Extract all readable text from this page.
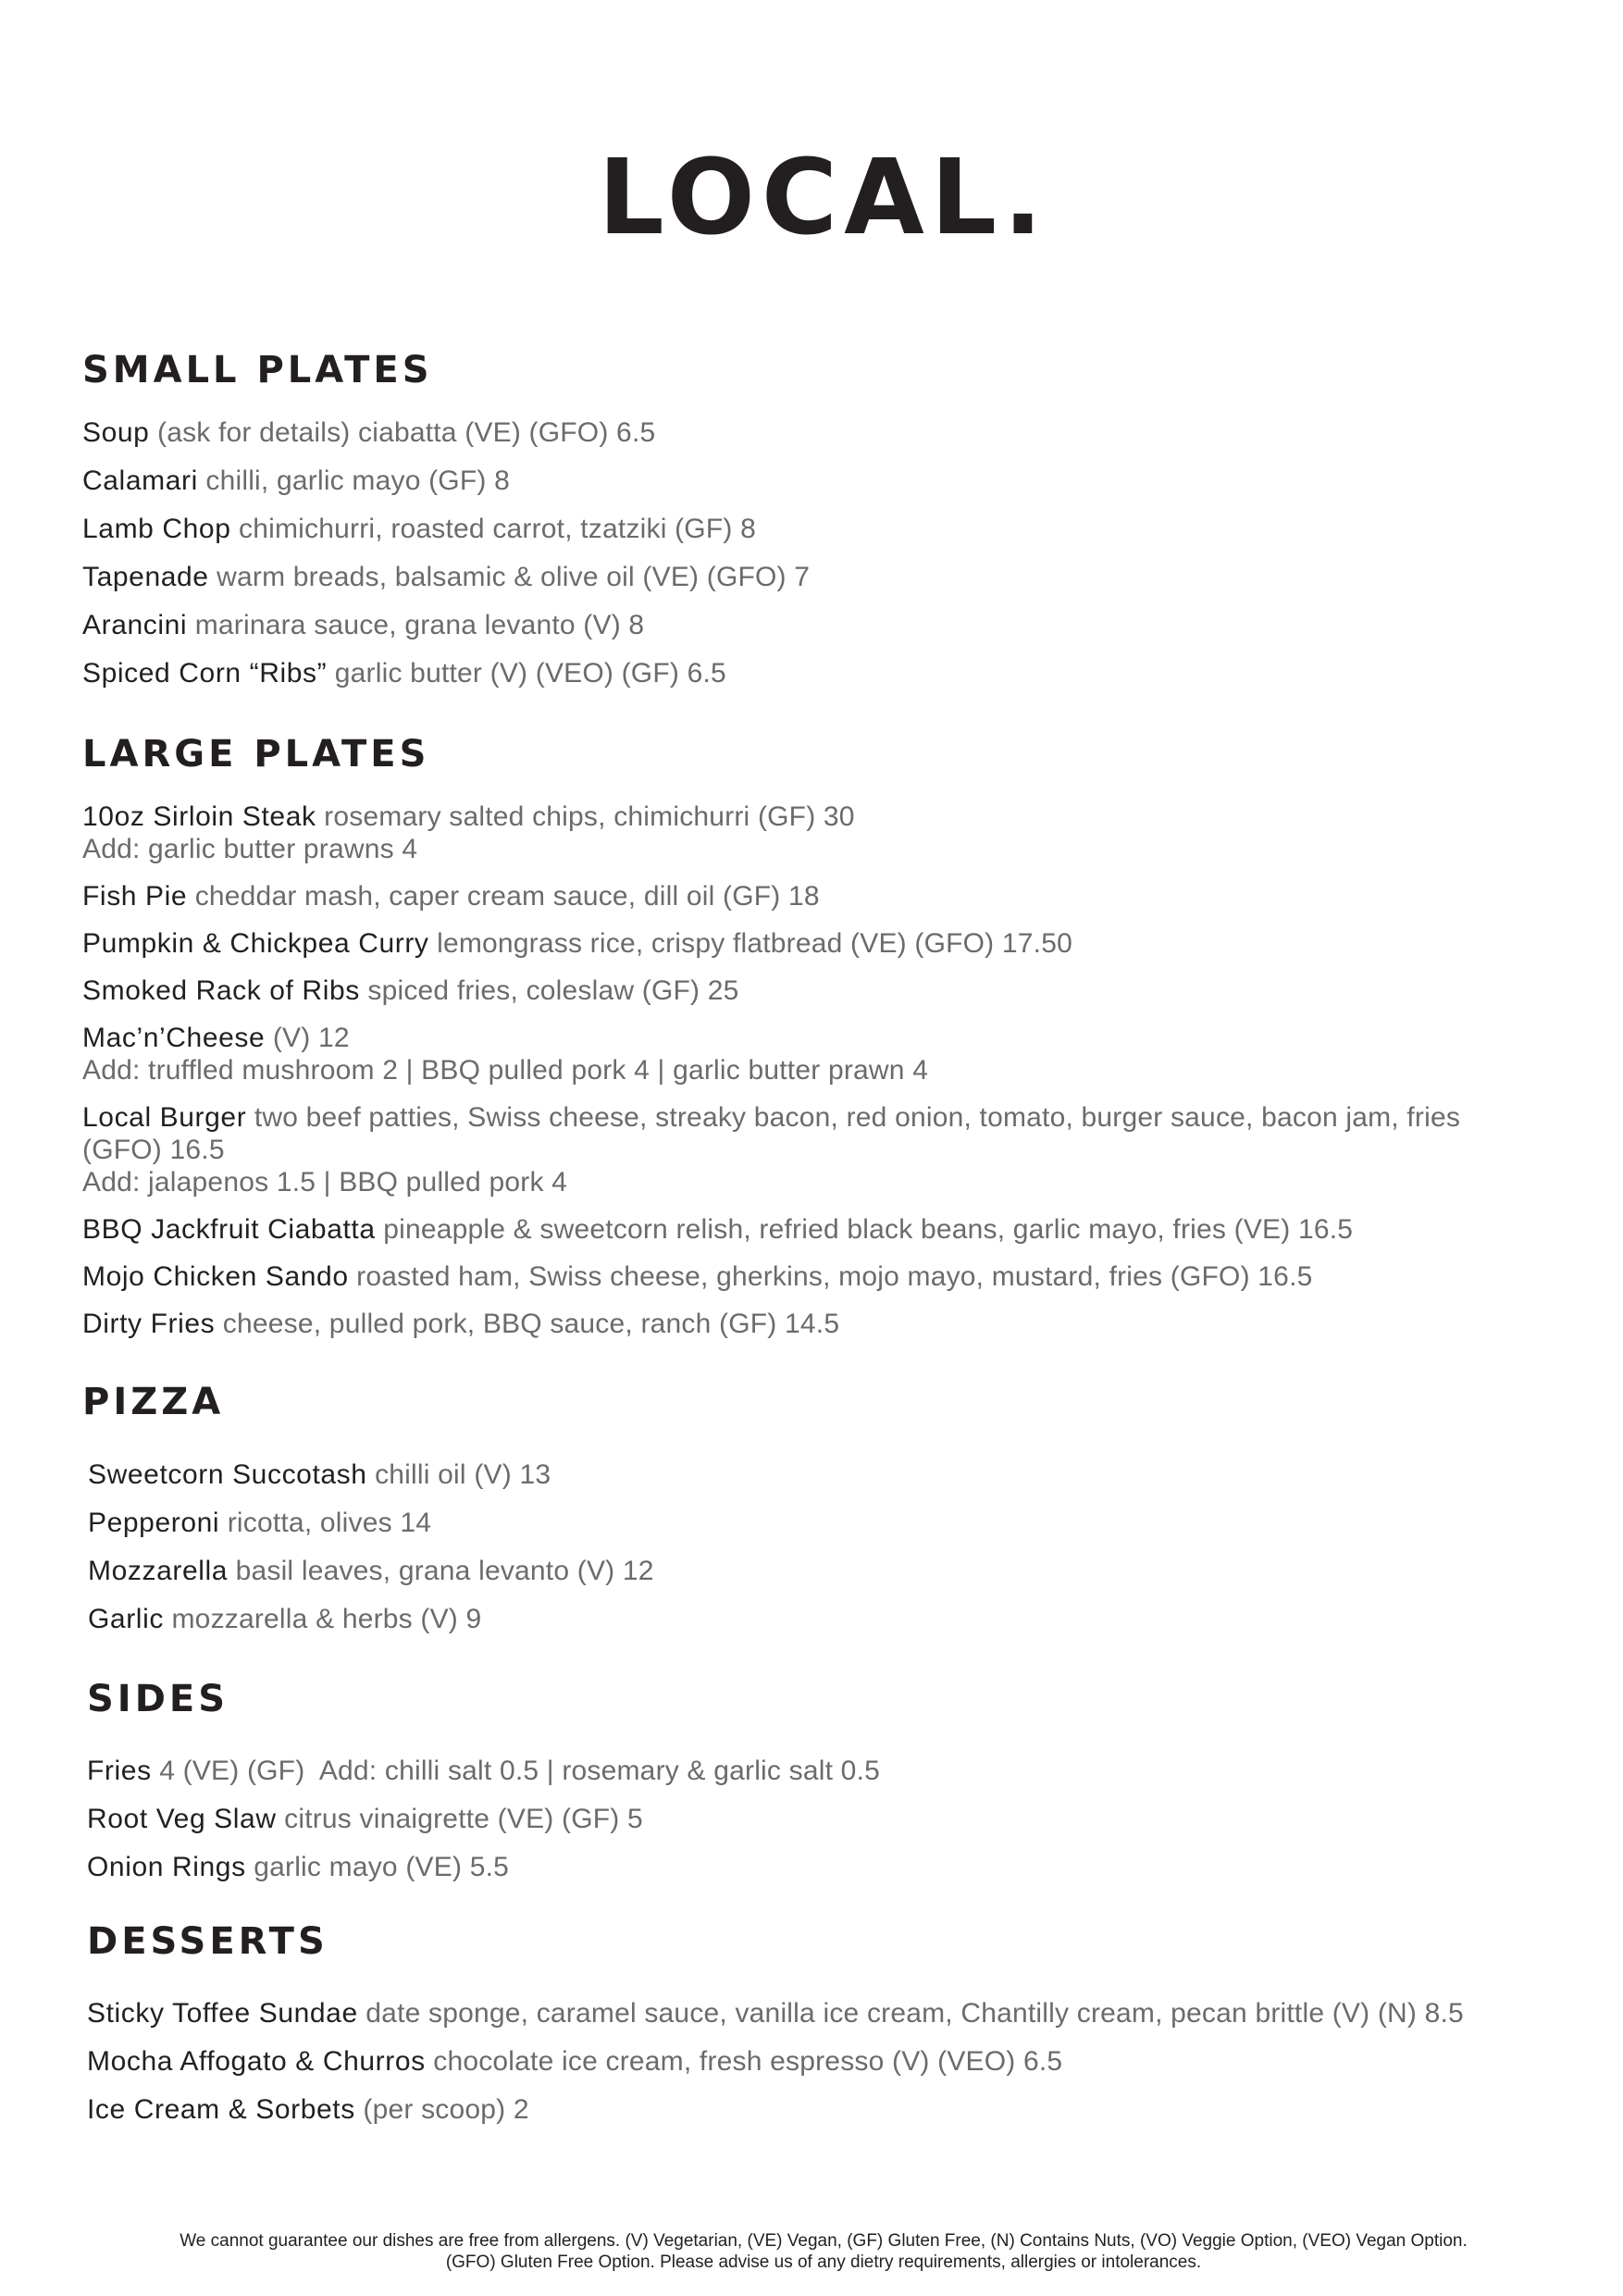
LOCAL.
SMALL PLATES
Soup (ask for details) ciabatta (VE) (GFO) 6.5
Calamari chilli, garlic mayo (GF) 8
Lamb Chop chimichurri, roasted carrot, tzatziki (GF) 8
Tapenade warm breads, balsamic & olive oil (VE) (GFO) 7
Arancini marinara sauce, grana levanto (V) 8
Spiced Corn “Ribs” garlic butter (V) (VEO) (GF) 6.5
LARGE PLATES
10oz Sirloin Steak rosemary salted chips, chimichurri (GF) 30
Add: garlic butter prawns 4
Fish Pie cheddar mash, caper cream sauce, dill oil (GF) 18
Pumpkin & Chickpea Curry lemongrass rice, crispy flatbread (VE) (GFO) 17.50
Smoked Rack of Ribs spiced fries, coleslaw (GF) 25
Mac’n’Cheese (V) 12
Add: truffled mushroom 2 | BBQ pulled pork 4 | garlic butter prawn 4
Local Burger two beef patties, Swiss cheese, streaky bacon, red onion, tomato, burger sauce, bacon jam, fries (GFO) 16.5
Add: jalapenos 1.5 | BBQ pulled pork 4
BBQ Jackfruit Ciabatta pineapple & sweetcorn relish, refried black beans, garlic mayo, fries (VE) 16.5
Mojo Chicken Sando roasted ham, Swiss cheese, gherkins, mojo mayo, mustard, fries (GFO) 16.5
Dirty Fries cheese, pulled pork, BBQ sauce, ranch (GF) 14.5
PIZZA
Sweetcorn Succotash chilli oil (V) 13
Pepperoni ricotta, olives 14
Mozzarella basil leaves, grana levanto (V) 12
Garlic mozzarella & herbs (V) 9
SIDES
Fries 4 (VE) (GF)  Add: chilli salt 0.5 | rosemary & garlic salt 0.5
Root Veg Slaw citrus vinaigrette (VE) (GF) 5
Onion Rings garlic mayo (VE) 5.5
DESSERTS
Sticky Toffee Sundae date sponge, caramel sauce, vanilla ice cream, Chantilly cream, pecan brittle (V) (N) 8.5
Mocha Affogato & Churros chocolate ice cream, fresh espresso (V) (VEO) 6.5
Ice Cream & Sorbets (per scoop) 2
We cannot guarantee our dishes are free from allergens. (V) Vegetarian, (VE) Vegan, (GF) Gluten Free, (N) Contains Nuts, (VO) Veggie Option, (VEO) Vegan Option.
(GFO) Gluten Free Option. Please advise us of any dietry requirements, allergies or intolerances.
